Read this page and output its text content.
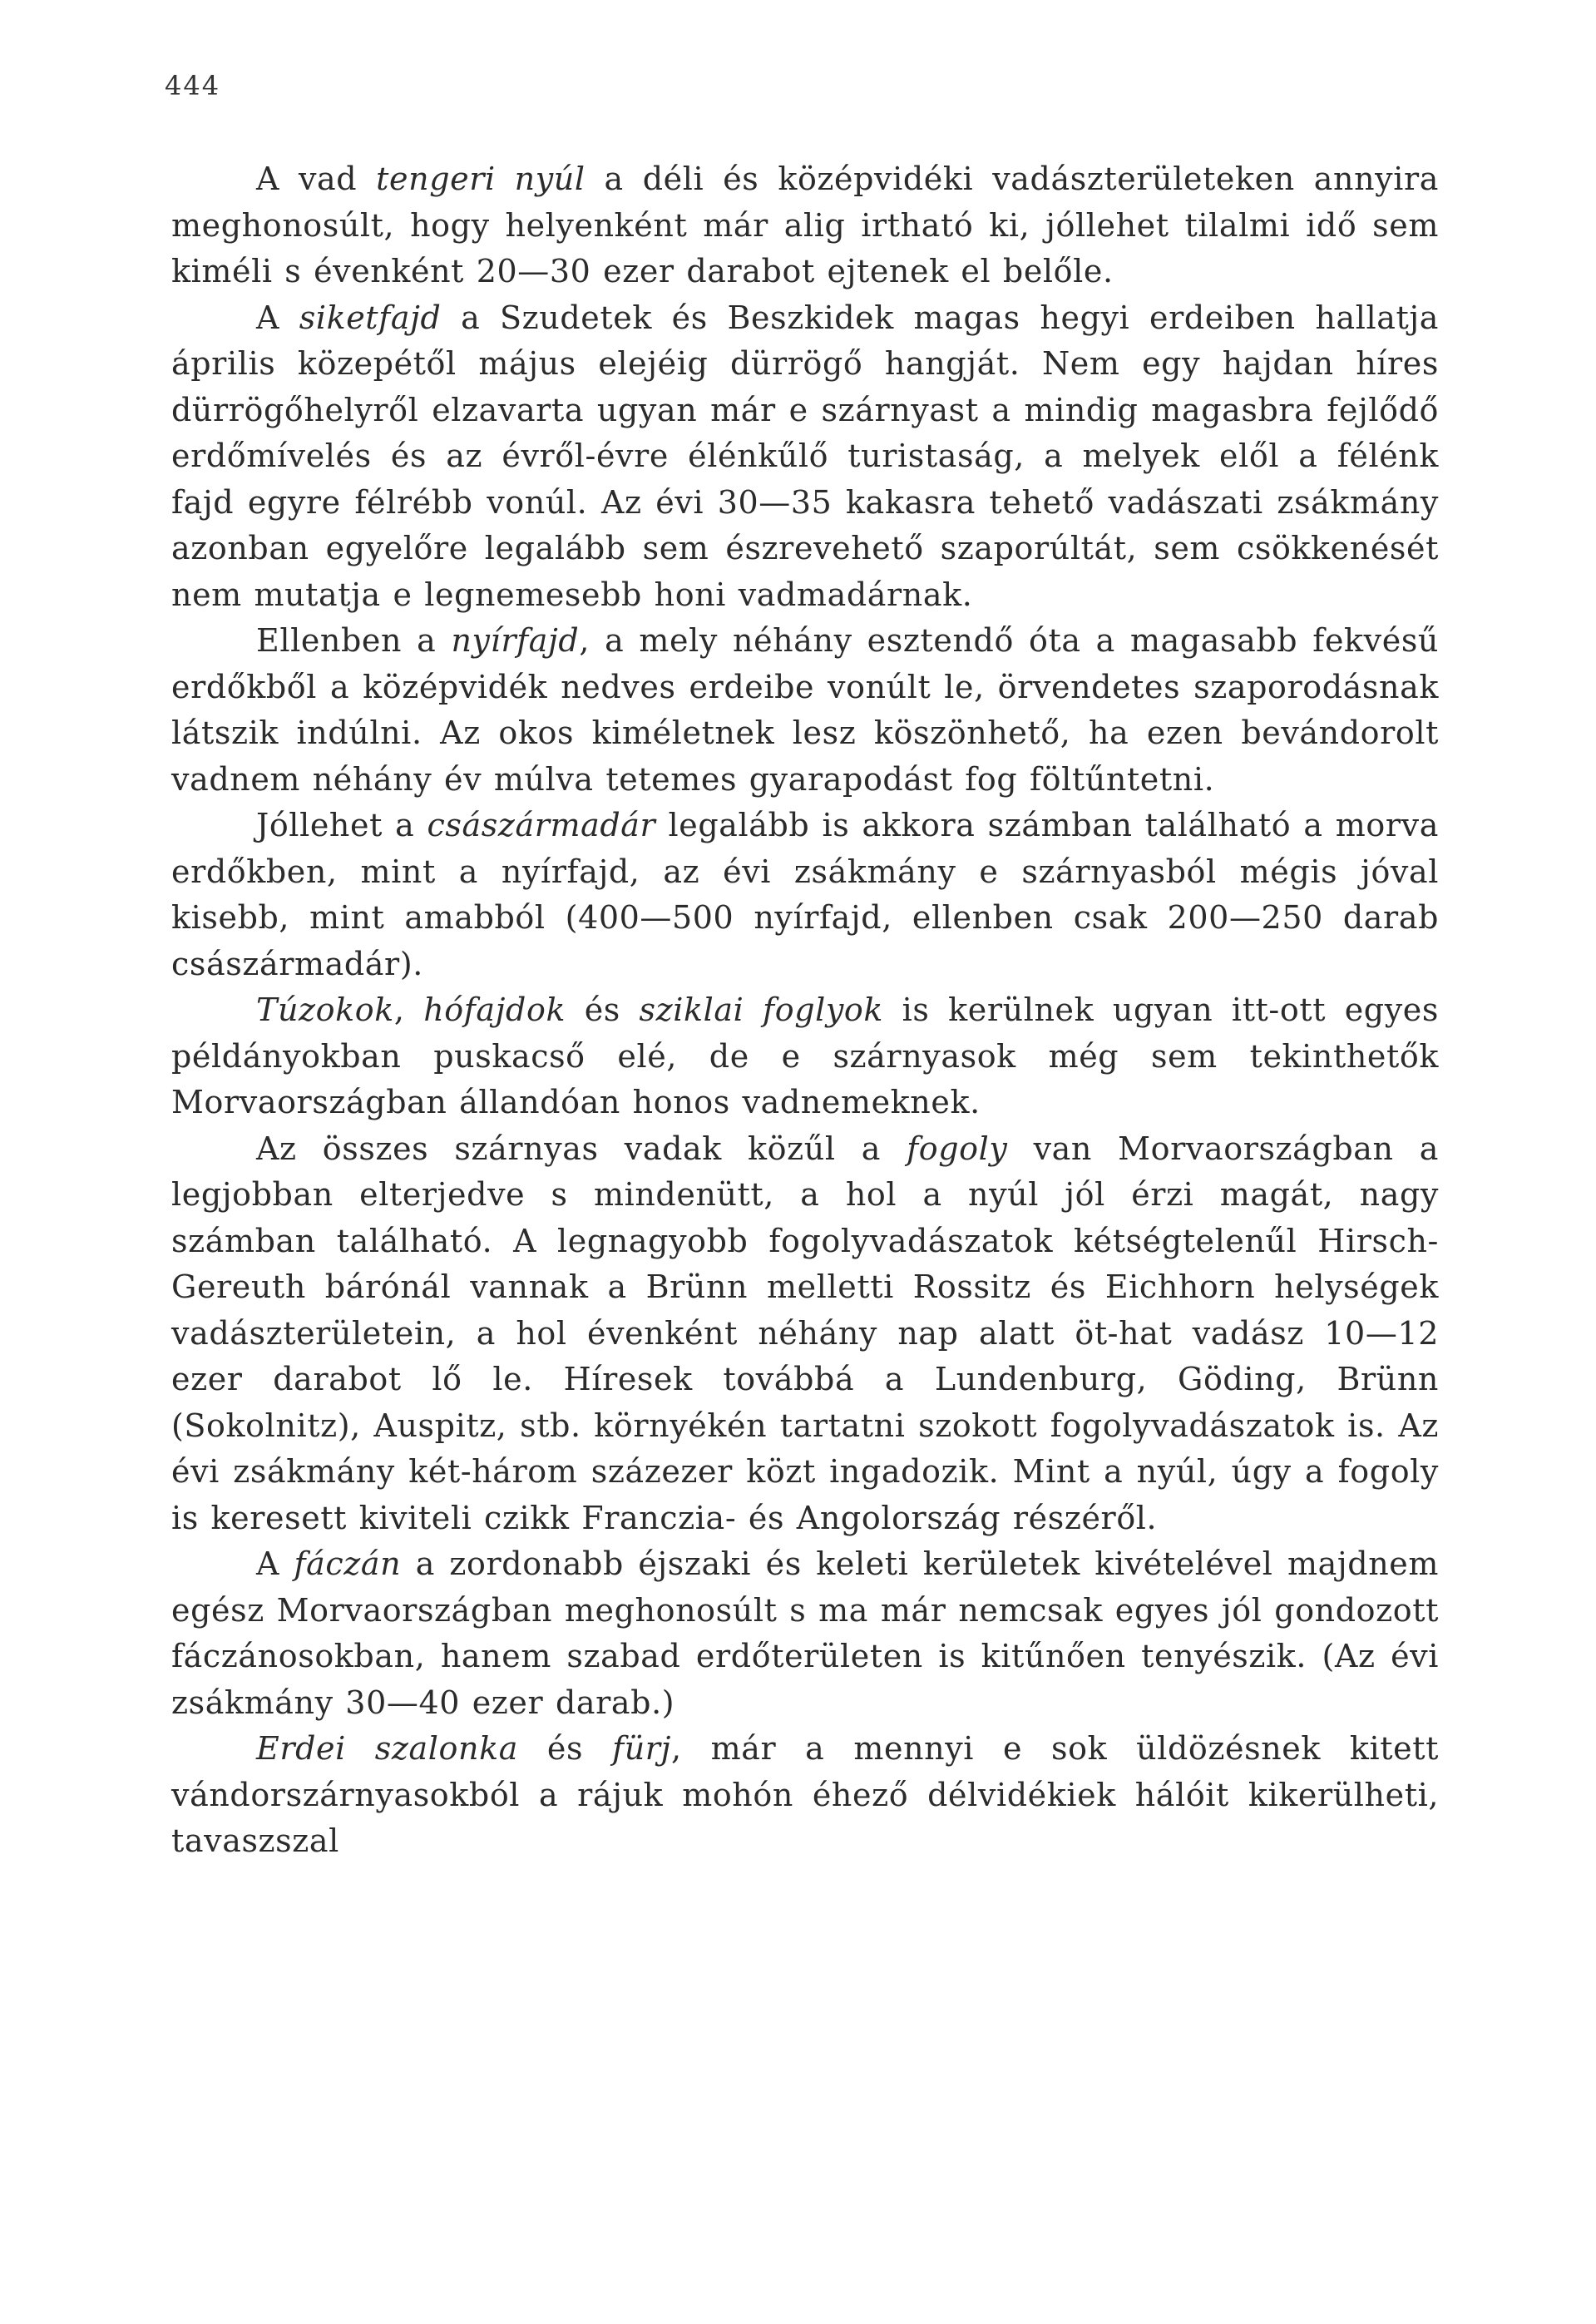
444

A vad tengeri nyúl a déli és középvidéki vadászterületeken annyira meghonosúlt, hogy helyenként már alig irtható ki, jóllehet tilalmi idő sem kiméli s évenként 20—30 ezer darabot ejtenek el belőle.

A siketfajd a Szudetek és Beszkidek magas hegyi erdeiben hallatja április közepétől május elejéig dürrögő hangját. Nem egy hajdan híres dürrögőhelyről elzavarta ugyan már e szárnyast a mindig magasbra fejlődő erdőmívelés és az évről-évre élénkűlő turistaság, a melyek elől a félénk fajd egyre félrébb vonúl. Az évi 30—35 kakasra tehető vadászati zsákmány azonban egyelőre legalább sem észrevehető szaporúltát, sem csökkenését nem mutatja e legnemesebb honi vadmadárnak.

Ellenben a nyírfajd, a mely néhány esztendő óta a magasabb fekvésű erdőkből a középvidék nedves erdeibe vonúlt le, örvendetes szaporodásnak látszik indúlni. Az okos kiméletnek lesz köszönhető, ha ezen bevándorolt vadnem néhány év múlva tetemes gyarapodást fog föltűntetni.

Jóllehet a császármadár legalább is akkora számban található a morva erdőkben, mint a nyírfajd, az évi zsákmány e szárnyasból mégis jóval kisebb, mint amabból (400—500 nyírfajd, ellenben csak 200—250 darab császármadár).

Túzokok, hófajdok és sziklai foglyok is kerülnek ugyan itt-ott egyes példányokban puskacső elé, de e szárnyasok még sem tekinthetők Morvaországban állandóan honos vadnemeknek.

Az összes szárnyas vadak közűl a fogoly van Morvaországban a legjobban elterjedve s mindenütt, a hol a nyúl jól érzi magát, nagy számban található. A legnagyobb fogolyvadászatok kétségtelenűl Hirsch-Gereuth bárónál vannak a Brünn melletti Rossitz és Eichhorn helységek vadászterületein, a hol évenként néhány nap alatt öt-hat vadász 10—12 ezer darabot lő le. Híresek továbbá a Lundenburg, Göding, Brünn (Sokolnitz), Auspitz, stb. környékén tartatni szokott fogolyvadászatok is. Az évi zsákmány két-három százezer közt ingadozik. Mint a nyúl, úgy a fogoly is keresett kiviteli czikk Franczia- és Angolország részéről.

A fáczán a zordonabb éjszaki és keleti kerületek kivételével majdnem egész Morvaországban meghonosúlt s ma már nemcsak egyes jól gondozott fáczánosokban, hanem szabad erdőterületen is kitűnően tenyészik. (Az évi zsákmány 30—40 ezer darab.)

Erdei szalonka és fürj, már a mennyi e sok üldözésnek kitett vándorszárnyasokból a rájuk mohón éhező délvidékiek hálóit kikerülheti, tavaszszal
